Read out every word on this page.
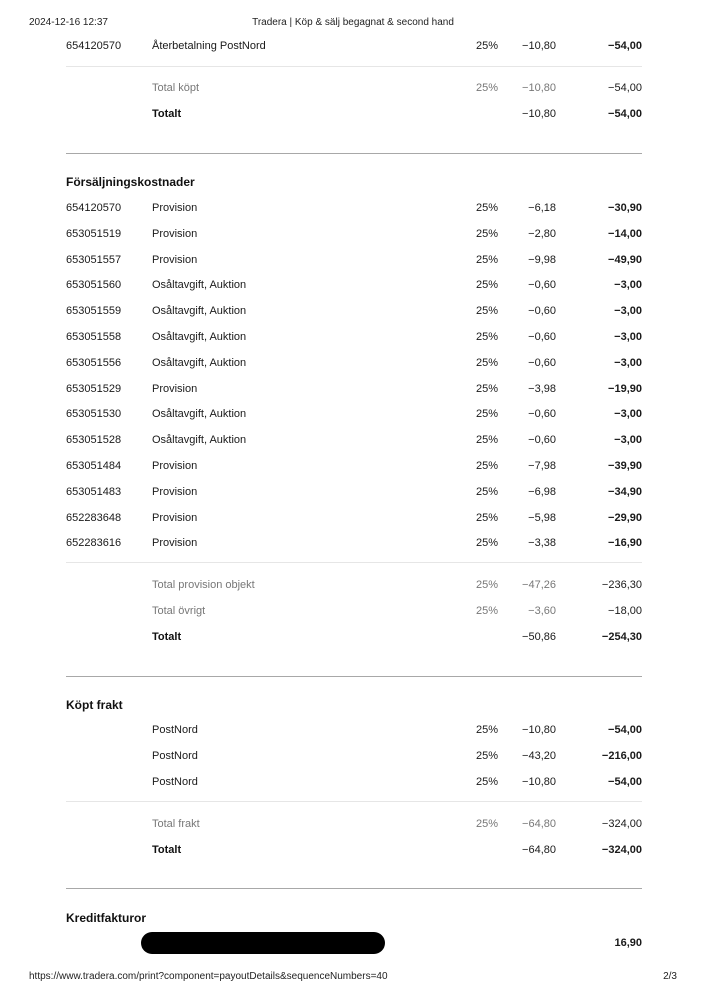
2024-12-16 12:37	Tradera | Köp & sälj begagnat & second hand
Försäljningskostnader
Köpt frakt
Kreditfakturor
16,90
654120570	Återbetalning PostNord	25% −10,80	−54,00
Total köpt	25% −10,80	−54,00
Totalt	−10,80	−54,00
654120570	Provision	25%	−6,18	−30,90
653051519	Provision	25%	−2,80	−14,00
653051557	Provision	25%	−9,98	−49,90
653051560	Osåltavgift, Auktion	25%	−0,60	−3,00
653051559	Osåltavgift, Auktion	25%	−0,60	−3,00
653051558	Osåltavgift, Auktion	25%	−0,60	−3,00
653051556	Osåltavgift, Auktion	25%	−0,60	−3,00
653051529	Provision	25%	−3,98	−19,90
653051530	Osåltavgift, Auktion	25%	−0,60	−3,00
653051528	Osåltavgift, Auktion	25%	−0,60	−3,00
653051484	Provision	25%	−7,98	−39,90
653051483	Provision	25%	−6,98	−34,90
652283648	Provision	25%	−5,98	−29,90
652283616	Provision	25%	−3,38	−16,90
Total provision objekt	25% −47,26	−236,30
Total övrigt	25%	−3,60	−18,00
Totalt	−50,86	−254,30
PostNord	25% −10,80	−54,00
PostNord	25% −43,20	−216,00
PostNord	25% −10,80	−54,00
Total frakt	25% −64,80	−324,00
Totalt	−64,80	−324,00
https://www.tradera.com/print?component=payoutDetails&sequenceNumbers=40	2/3
